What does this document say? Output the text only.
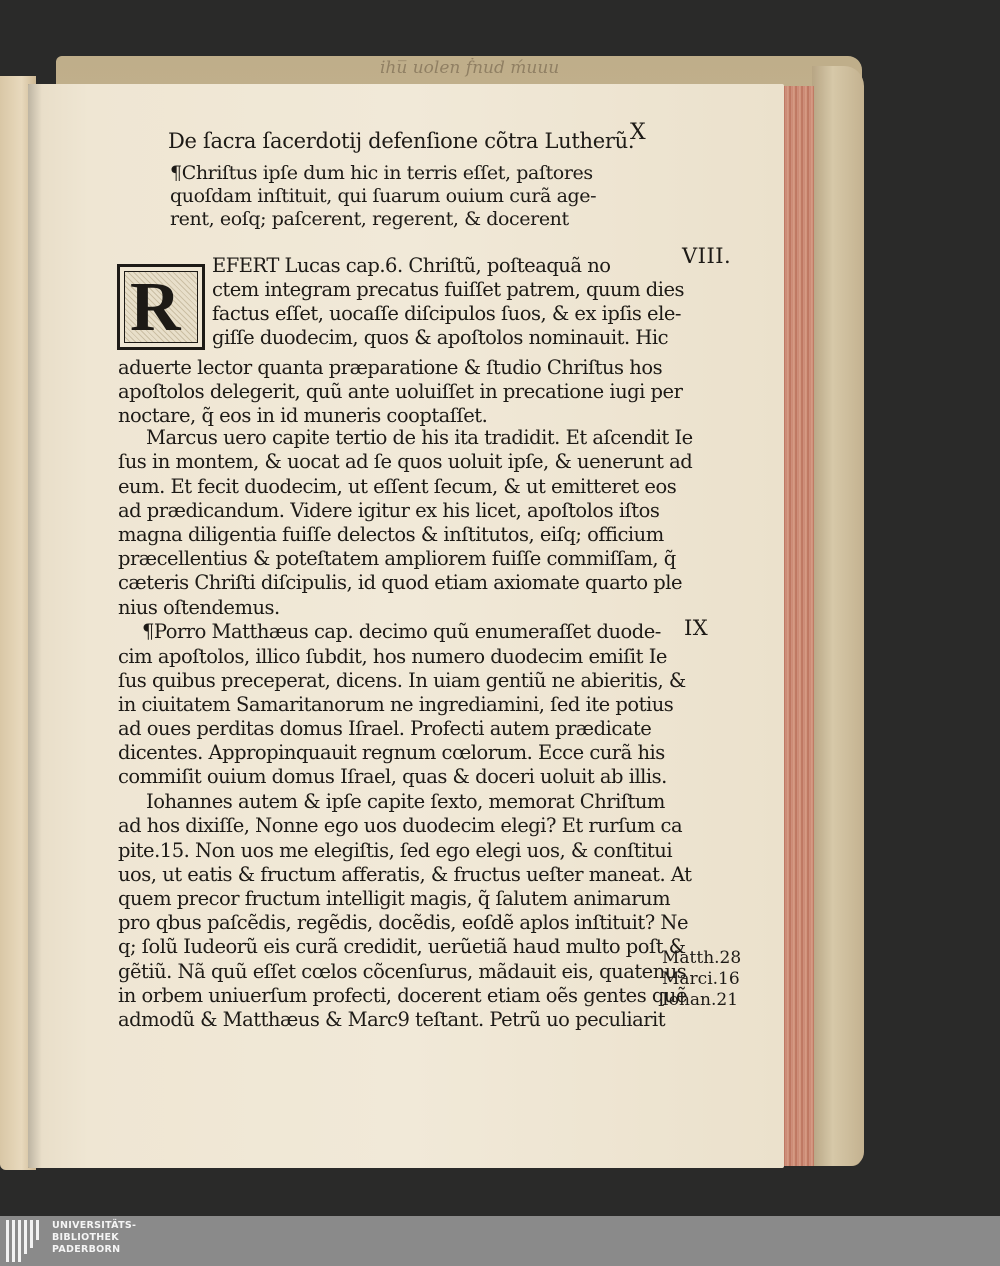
ihu̅ uolen ḟnud ḿuuu
De ſacra ſacerdotij defenſione cõtra Lutherũ.
X
¶Chriſtus ipſe dum hic in terris eſſet, paſtores quoſdam inſtituit, qui ſuarum ouium curã age- rent, eoſq; paſcerent, regerent, & docerent
R
EFERT Lucas cap.6. Chriſtũ, poſteaquã no
ctem integram precatus fuiſſet patrem, quum dies
factus eſſet, uocaſſe diſcipulos ſuos, & ex ipſis ele-
giſſe duodecim, quos & apoſtolos nominauit. Hic
aduerte lector quanta præparatione & ſtudio Chriſtus hos
apoſtolos delegerit, quũ ante uoluiſſet in precatione iugi per
noctare, q̃ eos in id muneris cooptaſſet.
Marcus uero capite tertio de his ita tradidit. Et aſcendit Ie
ſus in montem, & uocat ad ſe quos uoluit ipſe, & uenerunt ad
eum. Et fecit duodecim, ut eſſent ſecum, & ut emitteret eos
ad prædicandum. Videre igitur ex his licet, apoſtolos iſtos
magna diligentia fuiſſe delectos & inſtitutos, eiſq; officium
præcellentius & poteſtatem ampliorem fuiſſe commiſſam, q̃
cæteris Chriſti diſcipulis, id quod etiam axiomate quarto ple
nius oſtendemus.
¶Porro Matthæus cap. decimo quũ enumeraſſet duode-
cim apoſtolos, illico ſubdit, hos numero duodecim emiſit Ie
ſus quibus preceperat, dicens. In uiam gentiũ ne abieritis, &
in ciuitatem Samaritanorum ne ingrediamini, ſed ite potius
ad oues perditas domus Iſrael. Profecti autem prædicate
dicentes. Appropinquauit regnum cœlorum. Ecce curã his
commiſit ouium domus Iſrael, quas & doceri uoluit ab illis.
Iohannes autem & ipſe capite ſexto, memorat Chriſtum
ad hos dixiſſe, Nonne ego uos duodecim elegi? Et rurſum ca
pite.15. Non uos me elegiſtis, ſed ego elegi uos, & conſtitui
uos, ut eatis & fructum afferatis, & fructus ueſter maneat. At
quem precor fructum intelligit magis, q̃ ſalutem animarum
pro qbus paſcẽdis, regẽdis, docẽdis, eoſdẽ aplos inſtituit? Ne
q; ſolũ Iudeorũ eis curã credidit, uerũetiã haud multo poſt &
gẽtiũ. Nã quũ eſſet cœlos cõcenſurus, mãdauit eis, quatenus
in orbem uniuerſum profecti, docerent etiam oẽs gentes quẽ
admodũ & Matthæus & Marc9 teſtant. Petrũ uo peculiarit
VIII.
IX
Matth.28
Marci.16
Iohan.21
UNIVERSITÄTS-
BIBLIOTHEK
PADERBORN
